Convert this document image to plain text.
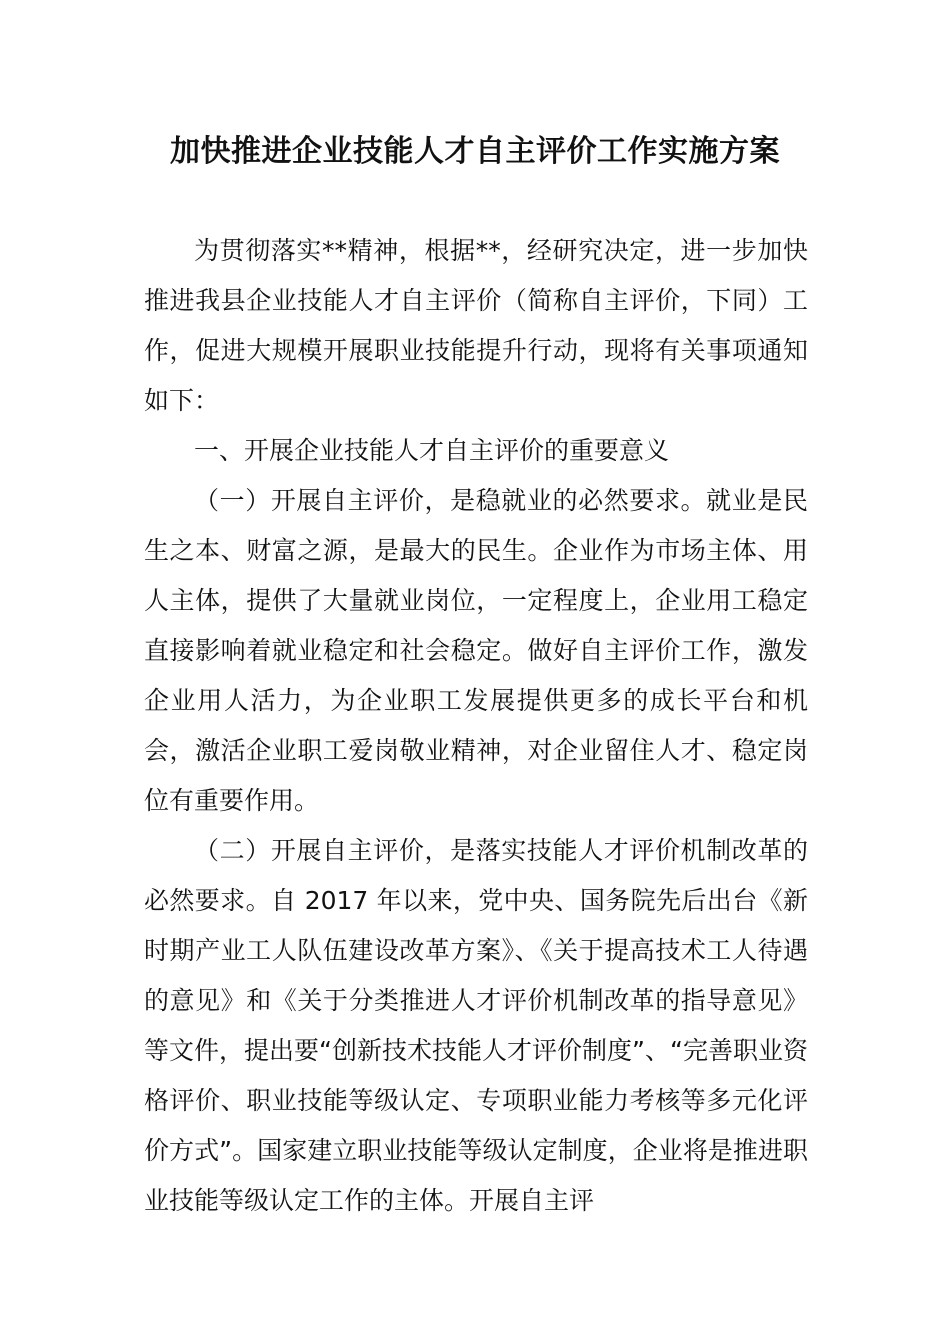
加快推进企业技能人才自主评价工作实施方案

为贯彻落实**精神，根据**，经研究决定，进一步加快推进我县企业技能人才自主评价（简称自主评价，下同）工作，促进大规模开展职业技能提升行动，现将有关事项通知如下：

一、开展企业技能人才自主评价的重要意义

（一）开展自主评价，是稳就业的必然要求。就业是民生之本、财富之源，是最大的民生。企业作为市场主体、用人主体，提供了大量就业岗位，一定程度上，企业用工稳定直接影响着就业稳定和社会稳定。做好自主评价工作，激发企业用人活力，为企业职工发展提供更多的成长平台和机会，激活企业职工爱岗敬业精神，对企业留住人才、稳定岗位有重要作用。

（二）开展自主评价，是落实技能人才评价机制改革的必然要求。自 2017 年以来，党中央、国务院先后出台《新时期产业工人队伍建设改革方案》、《关于提高技术工人待遇的意见》和《关于分类推进人才评价机制改革的指导意见》等文件，提出要“创新技术技能人才评价制度”、“完善职业资格评价、职业技能等级认定、专项职业能力考核等多元化评价方式”。国家建立职业技能等级认定制度，企业将是推进职业技能等级认定工作的主体。开展自主评
